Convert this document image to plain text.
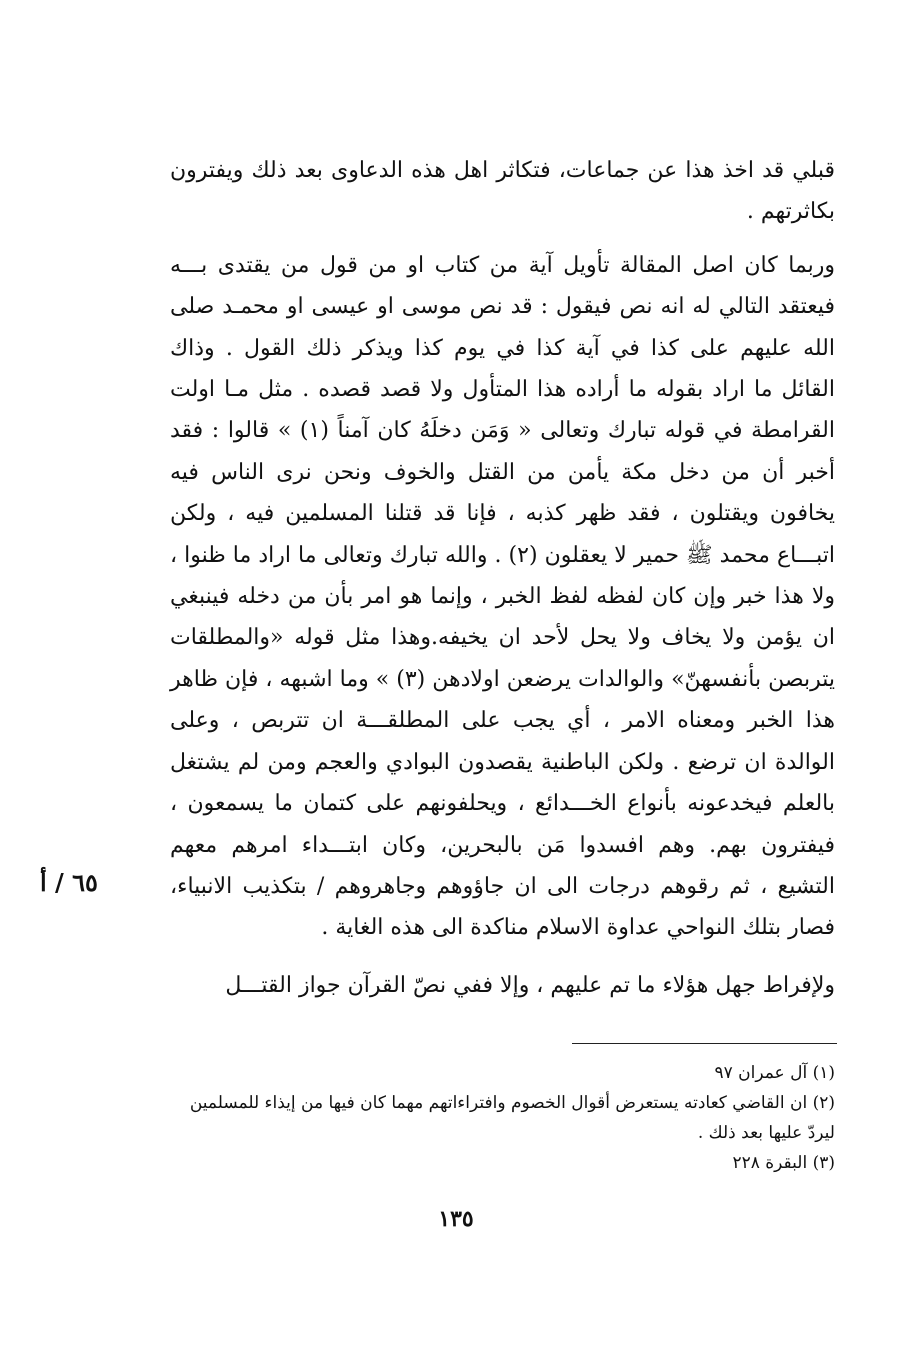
قبلي قد اخذ هذا عن جماعات، فتكاثر اهل هذه الدعاوى بعد ذلك ويفترون بكاثرتهم .

وربما كان اصل المقالة تأويل آية من كتاب او من قول من يقتدى بـــه فيعتقد التالي له انه نص فيقول : قد نص موسى او عيسى او محمـد صلى الله عليهم على كذا في آية كذا في يوم كذا ويذكر ذلك القول . وذاك القائل ما اراد بقوله ما أراده هذا المتأول ولا قصد قصده . مثل مـا اولت القرامطة في قوله تبارك وتعالى « وَمَن دخلَهُ كان آمناً (١) » قالوا : فقد أخبر أن من دخل مكة يأمن من القتل والخوف ونحن نرى الناس فيه يخافون ويقتلون ، فقد ظهر كذبه ، فإنا قد قتلنا المسلمين فيه ، ولكن اتبـــاع محمد ﷺ حمير لا يعقلون (٢) . والله تبارك وتعالى ما اراد ما ظنوا ، ولا هذا خبر وإن كان لفظه لفظ الخبر ، وإنما هو امر بأن من دخله فينبغي ان يؤمن ولا يخاف ولا يحل لأحد ان يخيفه.وهذا مثل قوله «والمطلقات يتربصن بأنفسهنّ» والوالدات يرضعن اولادهن (٣) » وما اشبهه ، فإن ظاهر هذا الخبر ومعناه الامر ، أي يجب على المطلقـــة ان تتربص ، وعلى الوالدة ان ترضع . ولكن الباطنية يقصدون البوادي والعجم ومن لم يشتغل بالعلم فيخدعونه بأنواع الخـــدائع ، ويحلفونهم على كتمان ما يسمعون ، فيفترون بهم. وهم افسدوا مَن بالبحرين، وكان ابتـــداء امرهم معهم التشيع ، ثم رقوهم درجات الى ان جاؤوهم وجاهروهم / بتكذيب الانبياء، فصار بتلك النواحي عداوة الاسلام مناكدة الى هذه الغاية .

ولإفراط جهل هؤلاء ما تم عليهم ، وإلا ففي نصّ القرآن جواز القتـــل

٦٥ / أ

(١) آل عمران ٩٧

(٢) ان القاضي كعادته يستعرض أقوال الخصوم وافتراءاتهم مهما كان فيها من إيذاء للمسلمين ليردّ عليها بعد ذلك .

(٣) البقرة ٢٢٨

١٣٥
